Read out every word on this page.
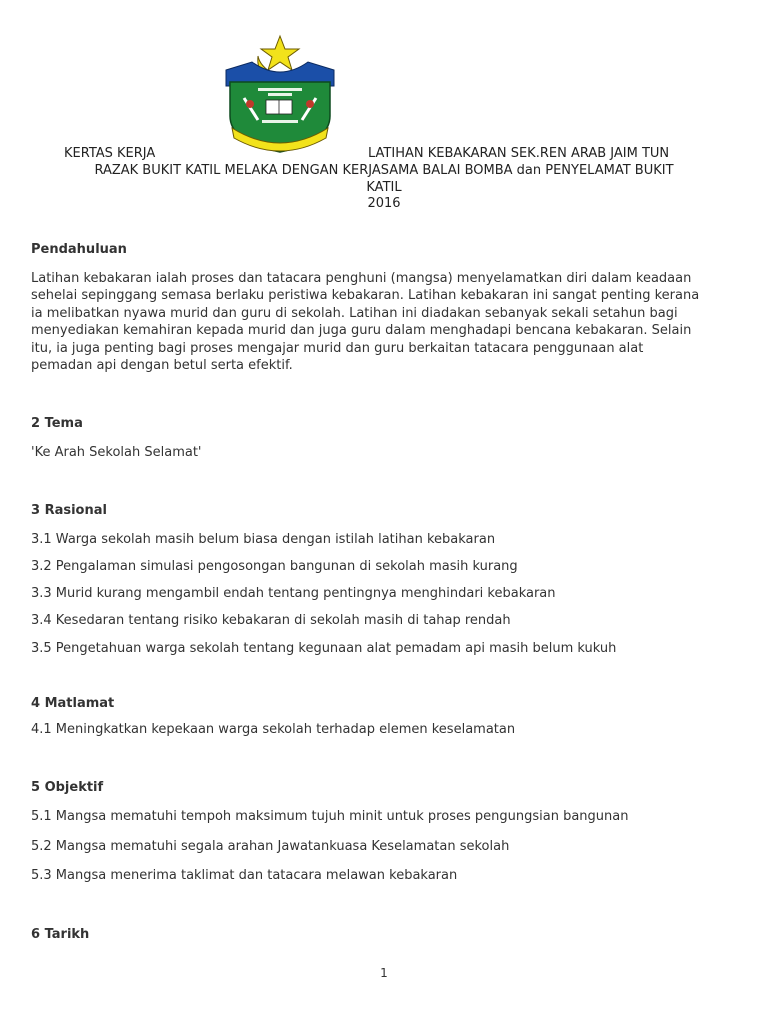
KERTAS KERJA	LATIHAN KEBAKARAN SEK.REN ARAB JAIM TUN
RAZAK BUKIT KATIL MELAKA DENGAN KERJASAMA BALAI BOMBA dan PENYELAMAT BUKIT
KATIL
2016
Pendahuluan
Latihan kebakaran ialah proses dan tatacara penghuni (mangsa) menyelamatkan diri dalam keadaan
sehelai sepinggang semasa berlaku peristiwa kebakaran. Latihan kebakaran ini sangat penting kerana
ia melibatkan nyawa murid dan guru di sekolah. Latihan ini diadakan sebanyak sekali setahun bagi
menyediakan kemahiran kepada murid dan juga guru dalam menghadapi bencana kebakaran. Selain
itu, ia juga penting bagi proses mengajar murid dan guru berkaitan tatacara penggunaan alat
pemadan api dengan betul serta efektif.
2 Tema
'Ke Arah Sekolah Selamat'
3 Rasional
3.1 Warga sekolah masih belum biasa dengan istilah latihan kebakaran
3.2 Pengalaman simulasi pengosongan bangunan di sekolah masih kurang
3.3 Murid kurang mengambil endah tentang pentingnya menghindari kebakaran
3.4 Kesedaran tentang risiko kebakaran di sekolah masih di tahap rendah
3.5 Pengetahuan warga sekolah tentang kegunaan alat pemadam api masih belum kukuh
4 Matlamat
4.1 Meningkatkan kepekaan warga sekolah terhadap elemen keselamatan
5 Objektif
5.1 Mangsa mematuhi tempoh maksimum tujuh minit untuk proses pengungsian bangunan
5.2 Mangsa mematuhi segala arahan Jawatankuasa Keselamatan sekolah
5.3 Mangsa menerima taklimat dan tatacara melawan kebakaran
6 Tarikh
1
